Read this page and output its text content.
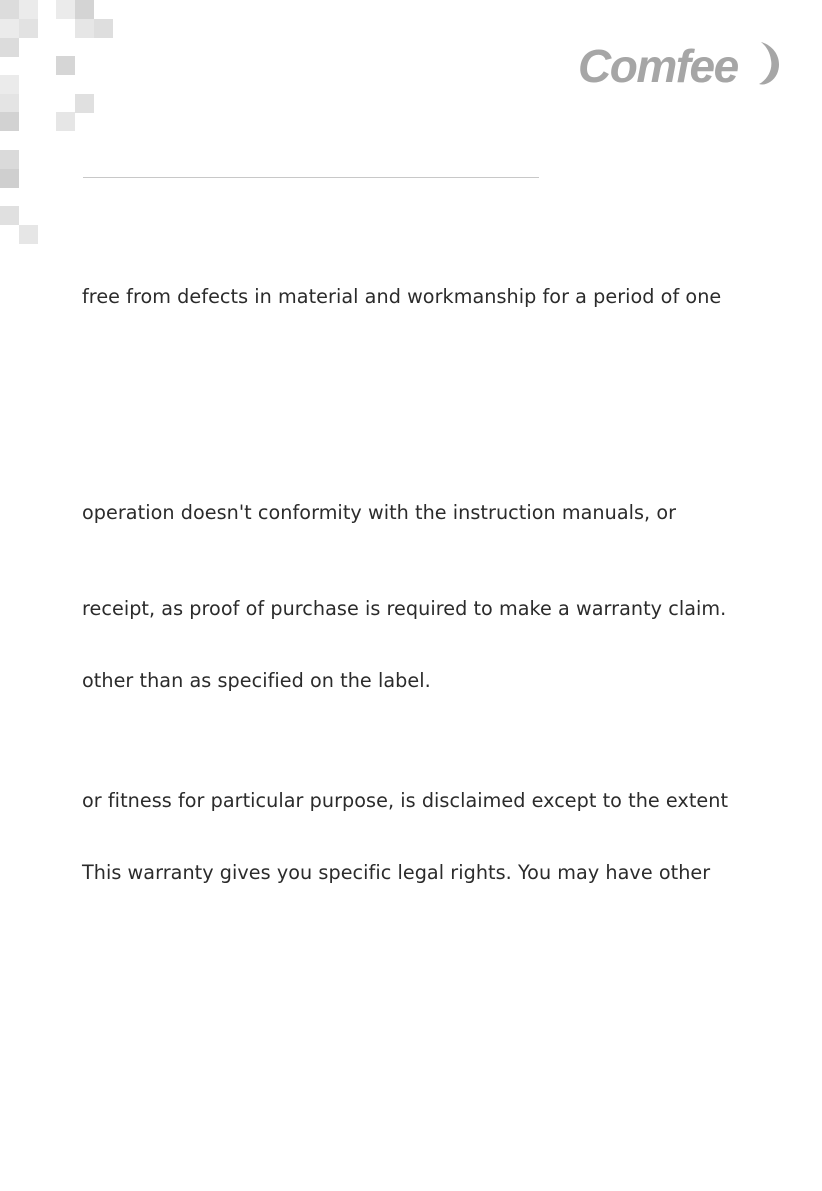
Comfee
free from defects in material and workmanship for a period of one
operation doesn't conformity with the instruction manuals, or
receipt, as proof of purchase is required to make a warranty claim.
other than as specified on the label.
or fitness for particular purpose, is disclaimed except to the extent
This warranty gives you specific legal rights. You may have other
